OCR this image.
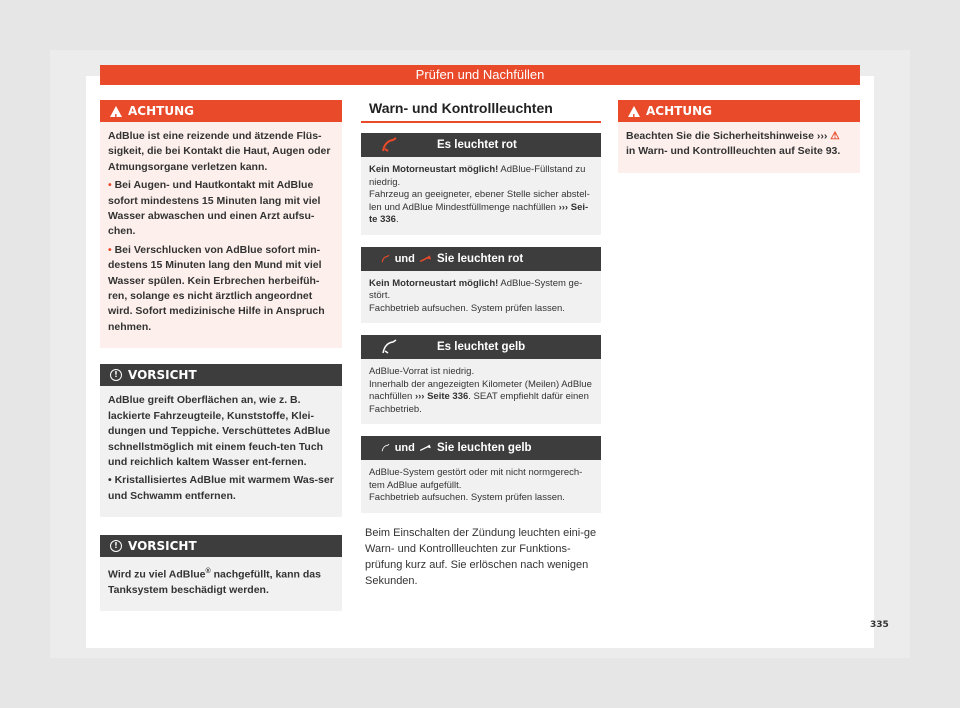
Prüfen und Nachfüllen
!
ACHTUNG

AdBlue ist eine reizende und ätzende Flüs-sigkeit, die bei Kontakt die Haut, Augen oder Atmungsorgane verletzen kann.

• Bei Augen- und Hautkontakt mit AdBlue sofort mindestens 15 Minuten lang mit viel Wasser abwaschen und einen Arzt aufsu-chen.

• Bei Verschlucken von AdBlue sofort min-destens 15 Minuten lang den Mund mit viel Wasser spülen. Kein Erbrechen herbeifüh-ren, solange es nicht ärztlich angeordnet wird. Sofort medizinische Hilfe in Anspruch nehmen.

! VORSICHT

AdBlue greift Oberflächen an, wie z. B. lackierte Fahrzeugteile, Kunststoffe, Klei-dungen und Teppiche. Verschüttetes AdBlue schnellstmöglich mit einem feuch-ten Tuch und reichlich kaltem Wasser ent-fernen.

• Kristallisiertes AdBlue mit warmem Was-ser und Schwamm entfernen.

! VORSICHT

Wird zu viel AdBlue® nachgefüllt, kann das Tanksystem beschädigt werden.

Warn- und Kontrollleuchten
Es leuchtet rot
Kein Motorneustart möglich! AdBlue-Füllstand zu niedrig.
Fahrzeug an geeigneter, ebener Stelle sicher abstel-len und AdBlue Mindestfüllmenge nachfüllen ››› Sei-te 336.
und	Sie leuchten rot
Kein Motorneustart möglich! AdBlue-System ge-stört.
Fachbetrieb aufsuchen. System prüfen lassen.
Es leuchtet gelb
AdBlue-Vorrat ist niedrig.
Innerhalb der angezeigten Kilometer (Meilen) AdBlue nachfüllen ››› Seite 336. SEAT empfiehlt dafür einen Fachbetrieb.
und	Sie leuchten gelb
AdBlue-System gestört oder mit nicht normgerech-tem AdBlue aufgefüllt.
Fachbetrieb aufsuchen. System prüfen lassen.

Beim Einschalten der Zündung leuchten eini-ge Warn- und Kontrollleuchten zur Funktions-prüfung kurz auf. Sie erlöschen nach wenigen Sekunden.

!
ACHTUNG

Beachten Sie die Sicherheitshinweise ››› ⚠
in Warn- und Kontrollleuchten auf Seite 93.

335
